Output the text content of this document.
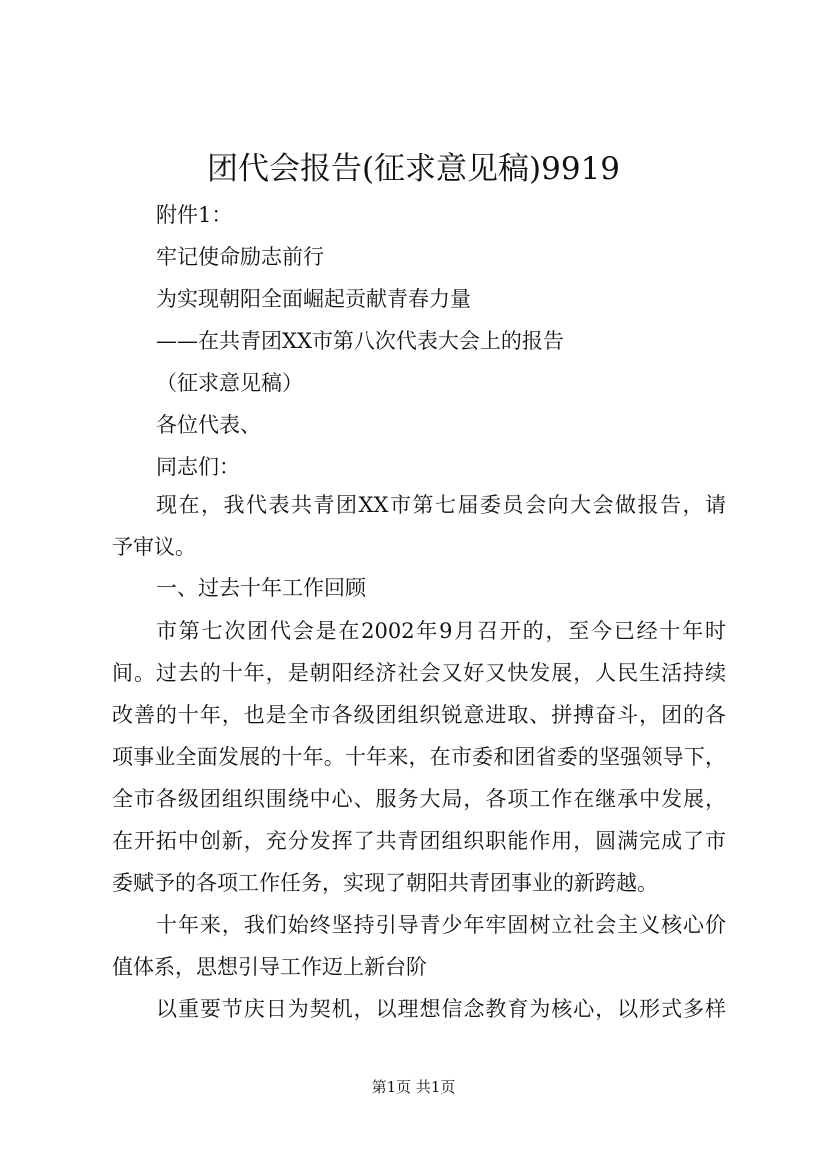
团代会报告(征求意见稿)9919
附件1：
牢记使命励志前行
为实现朝阳全面崛起贡献青春力量
——在共青团XX市第八次代表大会上的报告
（征求意见稿）
各位代表、
同志们：
现在，我代表共青团XX市第七届委员会向大会做报告，请
予审议。
一、过去十年工作回顾
市第七次团代会是在2002年9月召开的，至今已经十年时
间。过去的十年，是朝阳经济社会又好又快发展，人民生活持续
改善的十年，也是全市各级团组织锐意进取、拼搏奋斗，团的各
项事业全面发展的十年。十年来，在市委和团省委的坚强领导下，
全市各级团组织围绕中心、服务大局，各项工作在继承中发展，
在开拓中创新，充分发挥了共青团组织职能作用，圆满完成了市
委赋予的各项工作任务，实现了朝阳共青团事业的新跨越。
十年来，我们始终坚持引导青少年牢固树立社会主义核心价
值体系，思想引导工作迈上新台阶
以重要节庆日为契机，以理想信念教育为核心，以形式多样
第1页 共1页
